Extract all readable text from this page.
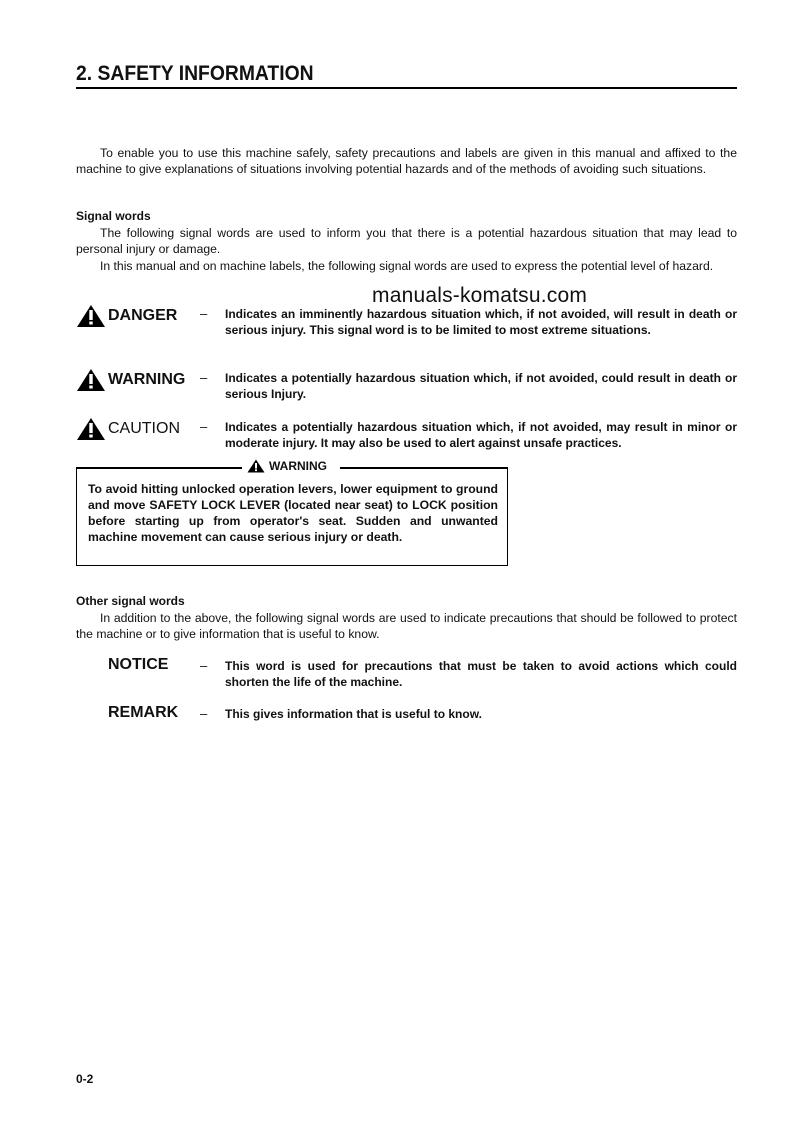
2. SAFETY INFORMATION
To enable you to use this machine safely, safety precautions and labels are given in this manual and affixed to the machine to give explanations of situations involving potential hazards and of the methods of avoiding such situations.
Signal words
The following signal words are used to inform you that there is a potential hazardous situation that may lead to personal injury or damage.
In this manual and on machine labels, the following signal words are used to express the potential level of hazard.
manuals-komatsu.com
DANGER – Indicates an imminently hazardous situation which, if not avoided, will result in death or serious injury. This signal word is to be limited to most extreme situations.
WARNING – Indicates a potentially hazardous situation which, if not avoided, could result in death or serious Injury.
CAUTION – Indicates a potentially hazardous situation which, if not avoided, may result in minor or moderate injury. It may also be used to alert against unsafe practices.
WARNING
To avoid hitting unlocked operation levers, lower equipment to ground and move SAFETY LOCK LEVER (located near seat) to LOCK position before starting up from operator's seat. Sudden and unwanted machine movement can cause serious injury or death.
Other signal words
In addition to the above, the following signal words are used to indicate precautions that should be followed to protect the machine or to give information that is useful to know.
NOTICE – This word is used for precautions that must be taken to avoid actions which could shorten the life of the machine.
REMARK – This gives information that is useful to know.
0-2
